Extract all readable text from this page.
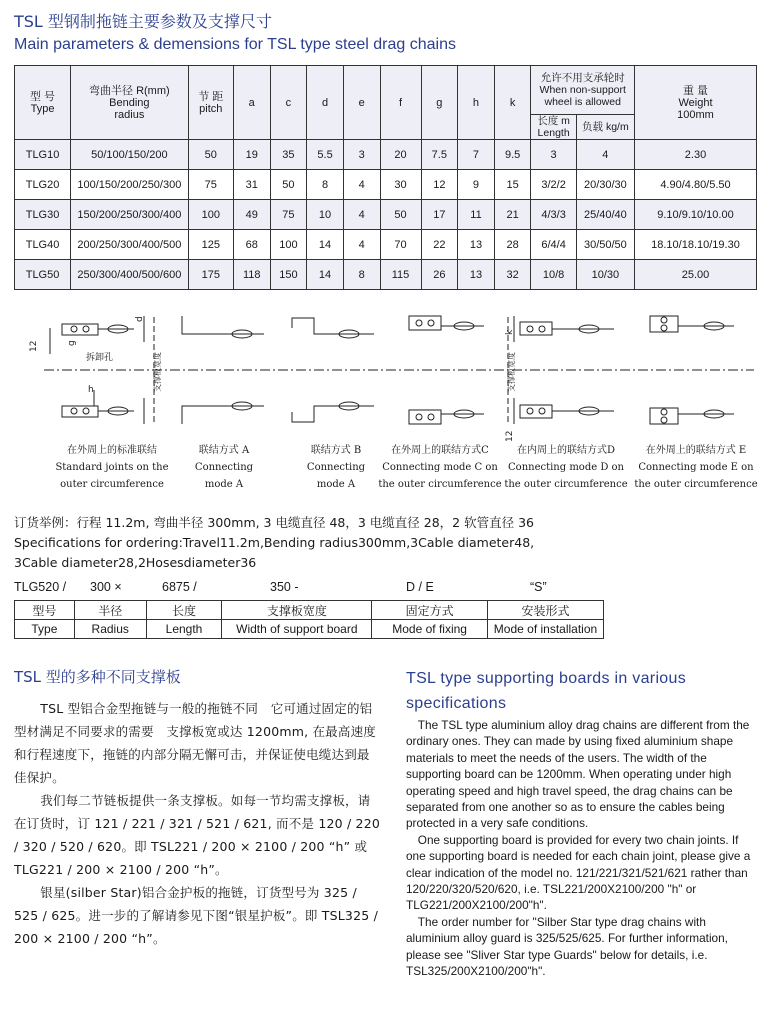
TSL 型钢制拖链主要参数及支撑尺寸
Main parameters & demensions for TSL type steel drag chains
型 号
Type	弯曲半径 R(mm)
Bending
radius	节 距
pitch	a	c	d	e	f	g	h	k	允许不用支承轮时
When non-support
wheel is allowed		重 量
Weight
100mm
											长度 m
Length	负载 kg/m	
TLG10	50/100/150/200	50	19	35	5.5	3	20	7.5	7	9.5	3	4	2.30
TLG20	100/150/200/250/300	75	31	50	8	4	30	12	9	15	3/2/2	20/30/30	4.90/4.80/5.50
TLG30	150/200/250/300/400	100	49	75	10	4	50	17	11	21	4/3/3	25/40/40	9.10/9.10/10.00
TLG40	200/250/300/400/500	125	68	100	14	4	70	22	13	28	6/4/4	30/50/50	18.10/18.10/19.30
TLG50	250/300/400/500/600	175	118	150	14	8	115	26	13	32	10/8	10/30	25.00
12	g
d
拆卸孔
h	支撑板宽度	支撑板宽度
k
12
在外周上的标准联结
Standard joints on the
outer circumference
联结方式 A
Connecting
mode A
联结方式 B
Connecting
mode A
在外周上的联结方式C
Connecting mode C on
the outer circumference
在内周上的联结方式D
Connecting mode D on
the outer circumference
在外周上的联结方式 E
Connecting mode E on
the outer circumference
订货举例：行程 11.2m, 弯曲半径 300mm, 3 电缆直径 48，3 电缆直径 28，2 软管直径 36
Specifications for ordering:Travel11.2m,Bending radius300mm,3Cable diameter48,
3Cable diameter28,2Hosesdiameter36
TLG520 / 300 ×	6875 /	350 -	D / E	“S”
型号	半径	长度	支撑板宽度	固定方式	安装形式
Type	Radius	Length	Width of support board	Mode of fixing	Mode of installation
TSL 型的多种不同支撑板

TSL 型铝合金型拖链与一般的拖链不同　它可通过固定的铝型材满足不同要求的需要　支撑板宽或达 1200mm, 在最高速度和行程速度下，拖链的内部分隔无懈可击，并保证使电缆达到最佳保护。

我们每二节链板提供一条支撑板。如每一节均需支撑板，请在订货时，订 121 / 221 / 321 / 521 / 621, 而不是 120 / 220 / 320 / 520 / 620。即 TSL221 / 200 × 2100 / 200 “h” 或 TLG221 / 200 × 2100 / 200 “h”。

银星(silber Star)铝合金护板的拖链，订货型号为 325 / 525 / 625。进一步的了解请参见下图“银星护板”。即 TSL325 / 200 × 2100 / 200 “h”。

TSL type supporting boards in various specifications

The TSL type aluminium alloy drag chains are different from the ordinary ones. They can made by using fixed aluminium shape materials to meet the needs of the users. The width of the supporting board can be 1200mm. When operating under high operating speed and high travel speed, the drag chains can be separated from one another so as to ensure the cables being protected in a very safe conditions.

One supporting board is provided for every two chain joints. If one supporting board is needed for each chain joint, please give a clear indication of the model no. 121/221/321/521/621 rather than 120/220/320/520/620, i.e. TSL221/200X2100/200 "h" or TLG221/200X2100/200"h".

The order number for "Silber Star type drag chains with aluminium alloy guard is 325/525/625. For further information, please see "Sliver Star type Guards" below for details, i.e. TSL325/200X2100/200"h".
